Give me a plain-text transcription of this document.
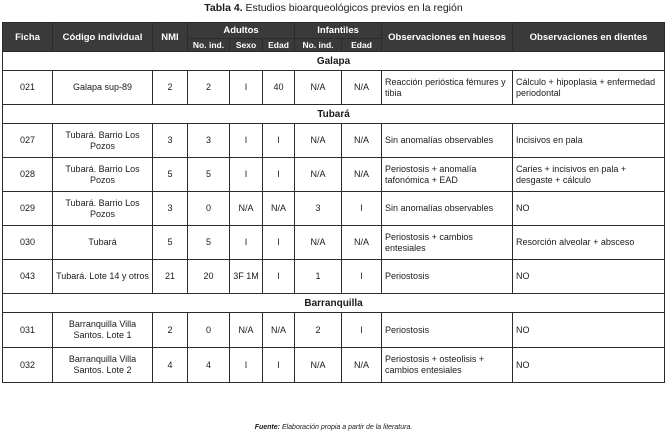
Tabla 4. Estudios bioarqueológicos previos en la región
Ficha	Código individual	NMI	Adultos			Infantiles		Observaciones en huesos	Observaciones en dientes
			No. ind.	Sexo	Edad	No. ind.	Edad		
Galapa									
021	Galapa sup-89	2	2	I	40	N/A	N/A	Reacción perióstica fémures y tibia	Cálculo + hipoplasia + enfermedad periodontal
Tubará									
027	Tubará. Barrio Los Pozos	3	3	I	I	N/A	N/A	Sin anomalías observables	Incisivos en pala
028	Tubará. Barrio Los Pozos	5	5	I	I	N/A	N/A	Periostosis + anomalía tafonómica + EAD	Caries + incisivos en pala + desgaste + cálculo
029	Tubará. Barrio Los Pozos	3	0	N/A	N/A	3	I	Sin anomalías observables	NO
030	Tubará	5	5	I	I	N/A	N/A	Periostosis + cambios entesiales	Resorción alveolar + absceso
043	Tubará. Lote 14 y otros	21	20	3F 1M	I	1	I	Periostosis	NO
Barranquilla									
031	Barranquilla Villa Santos. Lote 1	2	0	N/A	N/A	2	I	Periostosis	NO
032	Barranquilla Villa Santos. Lote 2	4	4	I	I	N/A	N/A	Periostosis + osteolisis + cambios entesiales	NO
Fuente: Elaboración propia a partir de la literatura.
